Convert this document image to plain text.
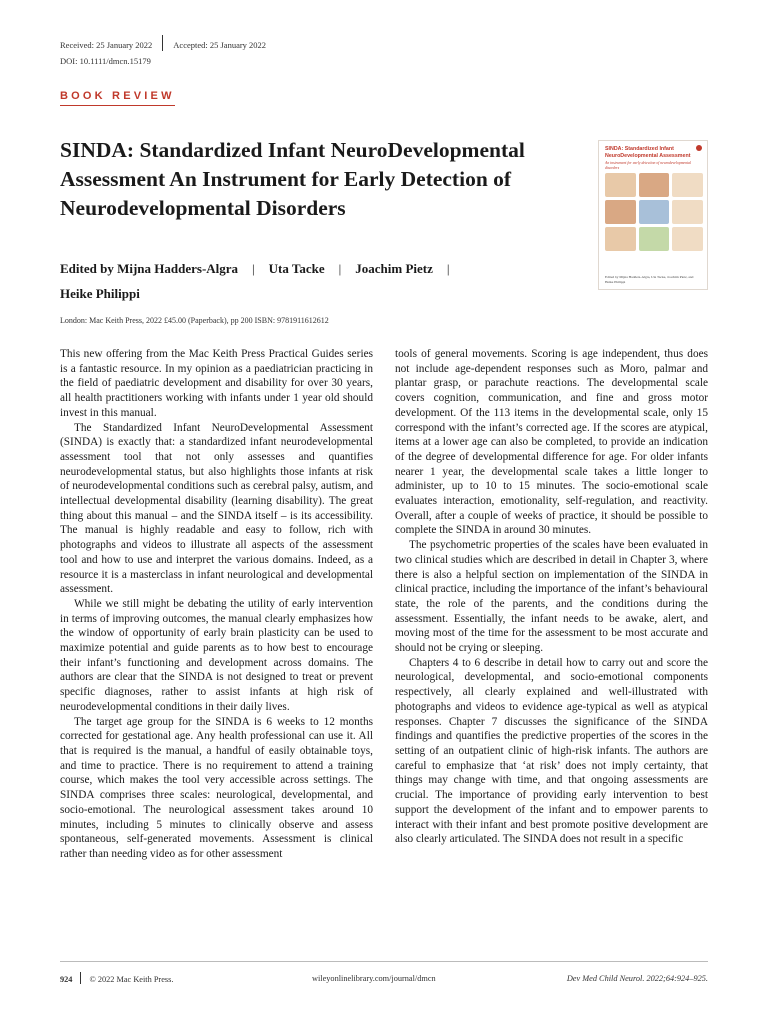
Received: 25 January 2022 Accepted: 25 January 2022
DOI: 10.1111/dmcn.15179
BOOK REVIEW
SINDA: Standardized Infant NeuroDevelopmental Assessment An Instrument for Early Detection of Neurodevelopmental Disorders
Edited by Mijna Hadders-Algra | Uta Tacke | Joachim Pietz |
Heike Philippi
London: Mac Keith Press, 2022 £45.00 (Paperback), pp 200 ISBN: 9781911612612
SINDA: Standardized Infant NeuroDevelopmental Assessment
An instrument for early detection of neurodevelopmental disorders
Edited by Mijna Hadders-Algra, Uta Tacke, Joachim Pietz, and Heike Philippi

This new offering from the Mac Keith Press Practical Guides series is a fantastic resource. In my opinion as a paediatrician practicing in the field of paediatric development and disability for over 30 years, all health practitioners working with infants under 1 year old should invest in this manual.

The Standardized Infant NeuroDevelopmental Assessment (SINDA) is exactly that: a standardized infant neurodevelopmental assessment tool that not only assesses and quantifies neurodevelopmental status, but also highlights those infants at risk of neurodevelopmental conditions such as cerebral palsy, autism, and intellectual developmental disability (learning disability). The great thing about this manual – and the SINDA itself – is its accessibility. The manual is highly readable and easy to follow, rich with photographs and videos to illustrate all aspects of the assessment tool and how to use and interpret the various domains. Indeed, as a resource it is a masterclass in infant neurological and developmental assessment.

While we still might be debating the utility of early intervention in terms of improving outcomes, the manual clearly emphasizes how the window of opportunity of early brain plasticity can be used to maximize potential and guide parents as to how best to encourage their infant’s functioning and development across domains. The authors are clear that the SINDA is not designed to treat or prevent specific diagnoses, rather to assist infants at high risk of neurodevelopmental conditions in their daily lives.

The target age group for the SINDA is 6 weeks to 12 months corrected for gestational age. Any health professional can use it. All that is required is the manual, a handful of easily obtainable toys, and time to practice. There is no requirement to attend a training course, which makes the tool very accessible across settings. The SINDA comprises three scales: neurological, developmental, and socio-emotional. The neurological assessment takes around 10 minutes, including 5 minutes to clinically observe and assess spontaneous, self-generated movements. Assessment is clinical rather than needing video as for other assessment

tools of general movements. Scoring is age independent, thus does not include age-dependent responses such as Moro, palmar and plantar grasp, or parachute reactions. The developmental scale covers cognition, communication, and fine and gross motor development. Of the 113 items in the developmental scale, only 15 correspond with the infant’s corrected age. If the scores are atypical, items at a lower age can also be completed, to provide an indication of the degree of developmental difference for age. For older infants nearer 1 year, the developmental scale takes a little longer to administer, up to 10 to 15 minutes. The socio-emotional scale evaluates interaction, emotionality, self-regulation, and reactivity. Overall, after a couple of weeks of practice, it should be possible to complete the SINDA in around 30 minutes.

The psychometric properties of the scales have been evaluated in two clinical studies which are described in detail in Chapter 3, where there is also a helpful section on implementation of the SINDA in clinical practice, including the importance of the infant’s behavioural state, the role of the parents, and the conditions during the assessment. Essentially, the infant needs to be awake, alert, and moving most of the time for the assessment to be most accurate and should not be crying or sleeping.

Chapters 4 to 6 describe in detail how to carry out and score the neurological, developmental, and socio-emotional components respectively, all clearly explained and well-illustrated with photographs and videos to evidence age-typical as well as atypical responses. Chapter 7 discusses the significance of the SINDA findings and quantifies the predictive properties of the scores in the setting of an outpatient clinic of high-risk infants. The authors are careful to emphasize that ‘at risk’ does not imply certainty, that things may change with time, and that ongoing assessments are crucial. The importance of providing early intervention to best support the development of the infant and to empower parents to interact with their infant and best promote positive development are also clearly articulated. The SINDA does not result in a specific

924 © 2022 Mac Keith Press.	wileyonlinelibrary.com/journal/dmcn	Dev Med Child Neurol. 2022;64:924–925.
